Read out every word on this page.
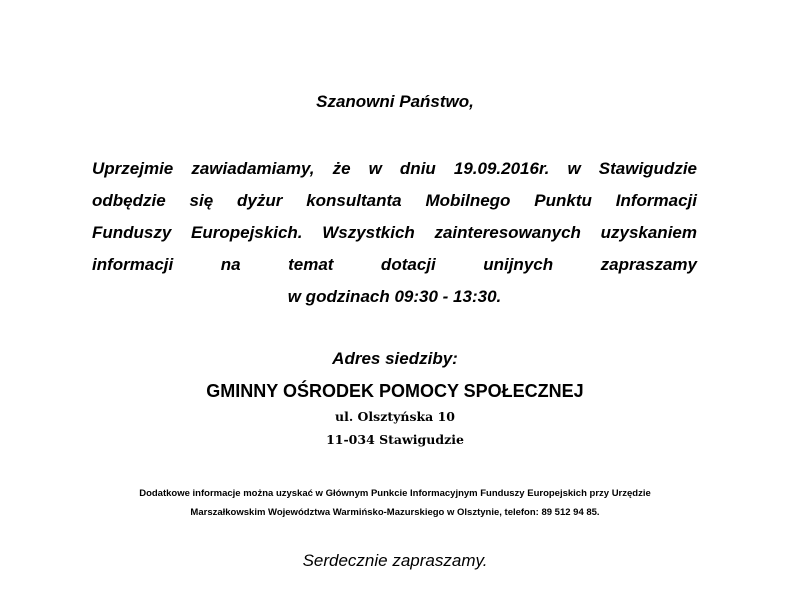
Szanowni Państwo,
Uprzejmie zawiadamiamy, że w dniu 19.09.2016r. w Stawigudzie
odbędzie się dyżur konsultanta Mobilnego Punktu Informacji
Funduszy Europejskich. Wszystkich zainteresowanych uzyskaniem
informacji na temat dotacji unijnych zapraszamy
w godzinach 09:30 - 13:30.
Adres siedziby:
GMINNY OŚRODEK POMOCY SPOŁECZNEJ
ul. Olsztyńska 10
11-034 Stawigudzie
Dodatkowe informacje można uzyskać w Głównym Punkcie Informacyjnym Funduszy Europejskich przy Urzędzie
Marszałkowskim Województwa Warmińsko-Mazurskiego w Olsztynie, telefon: 89 512 94 85.
Serdecznie zapraszamy.
